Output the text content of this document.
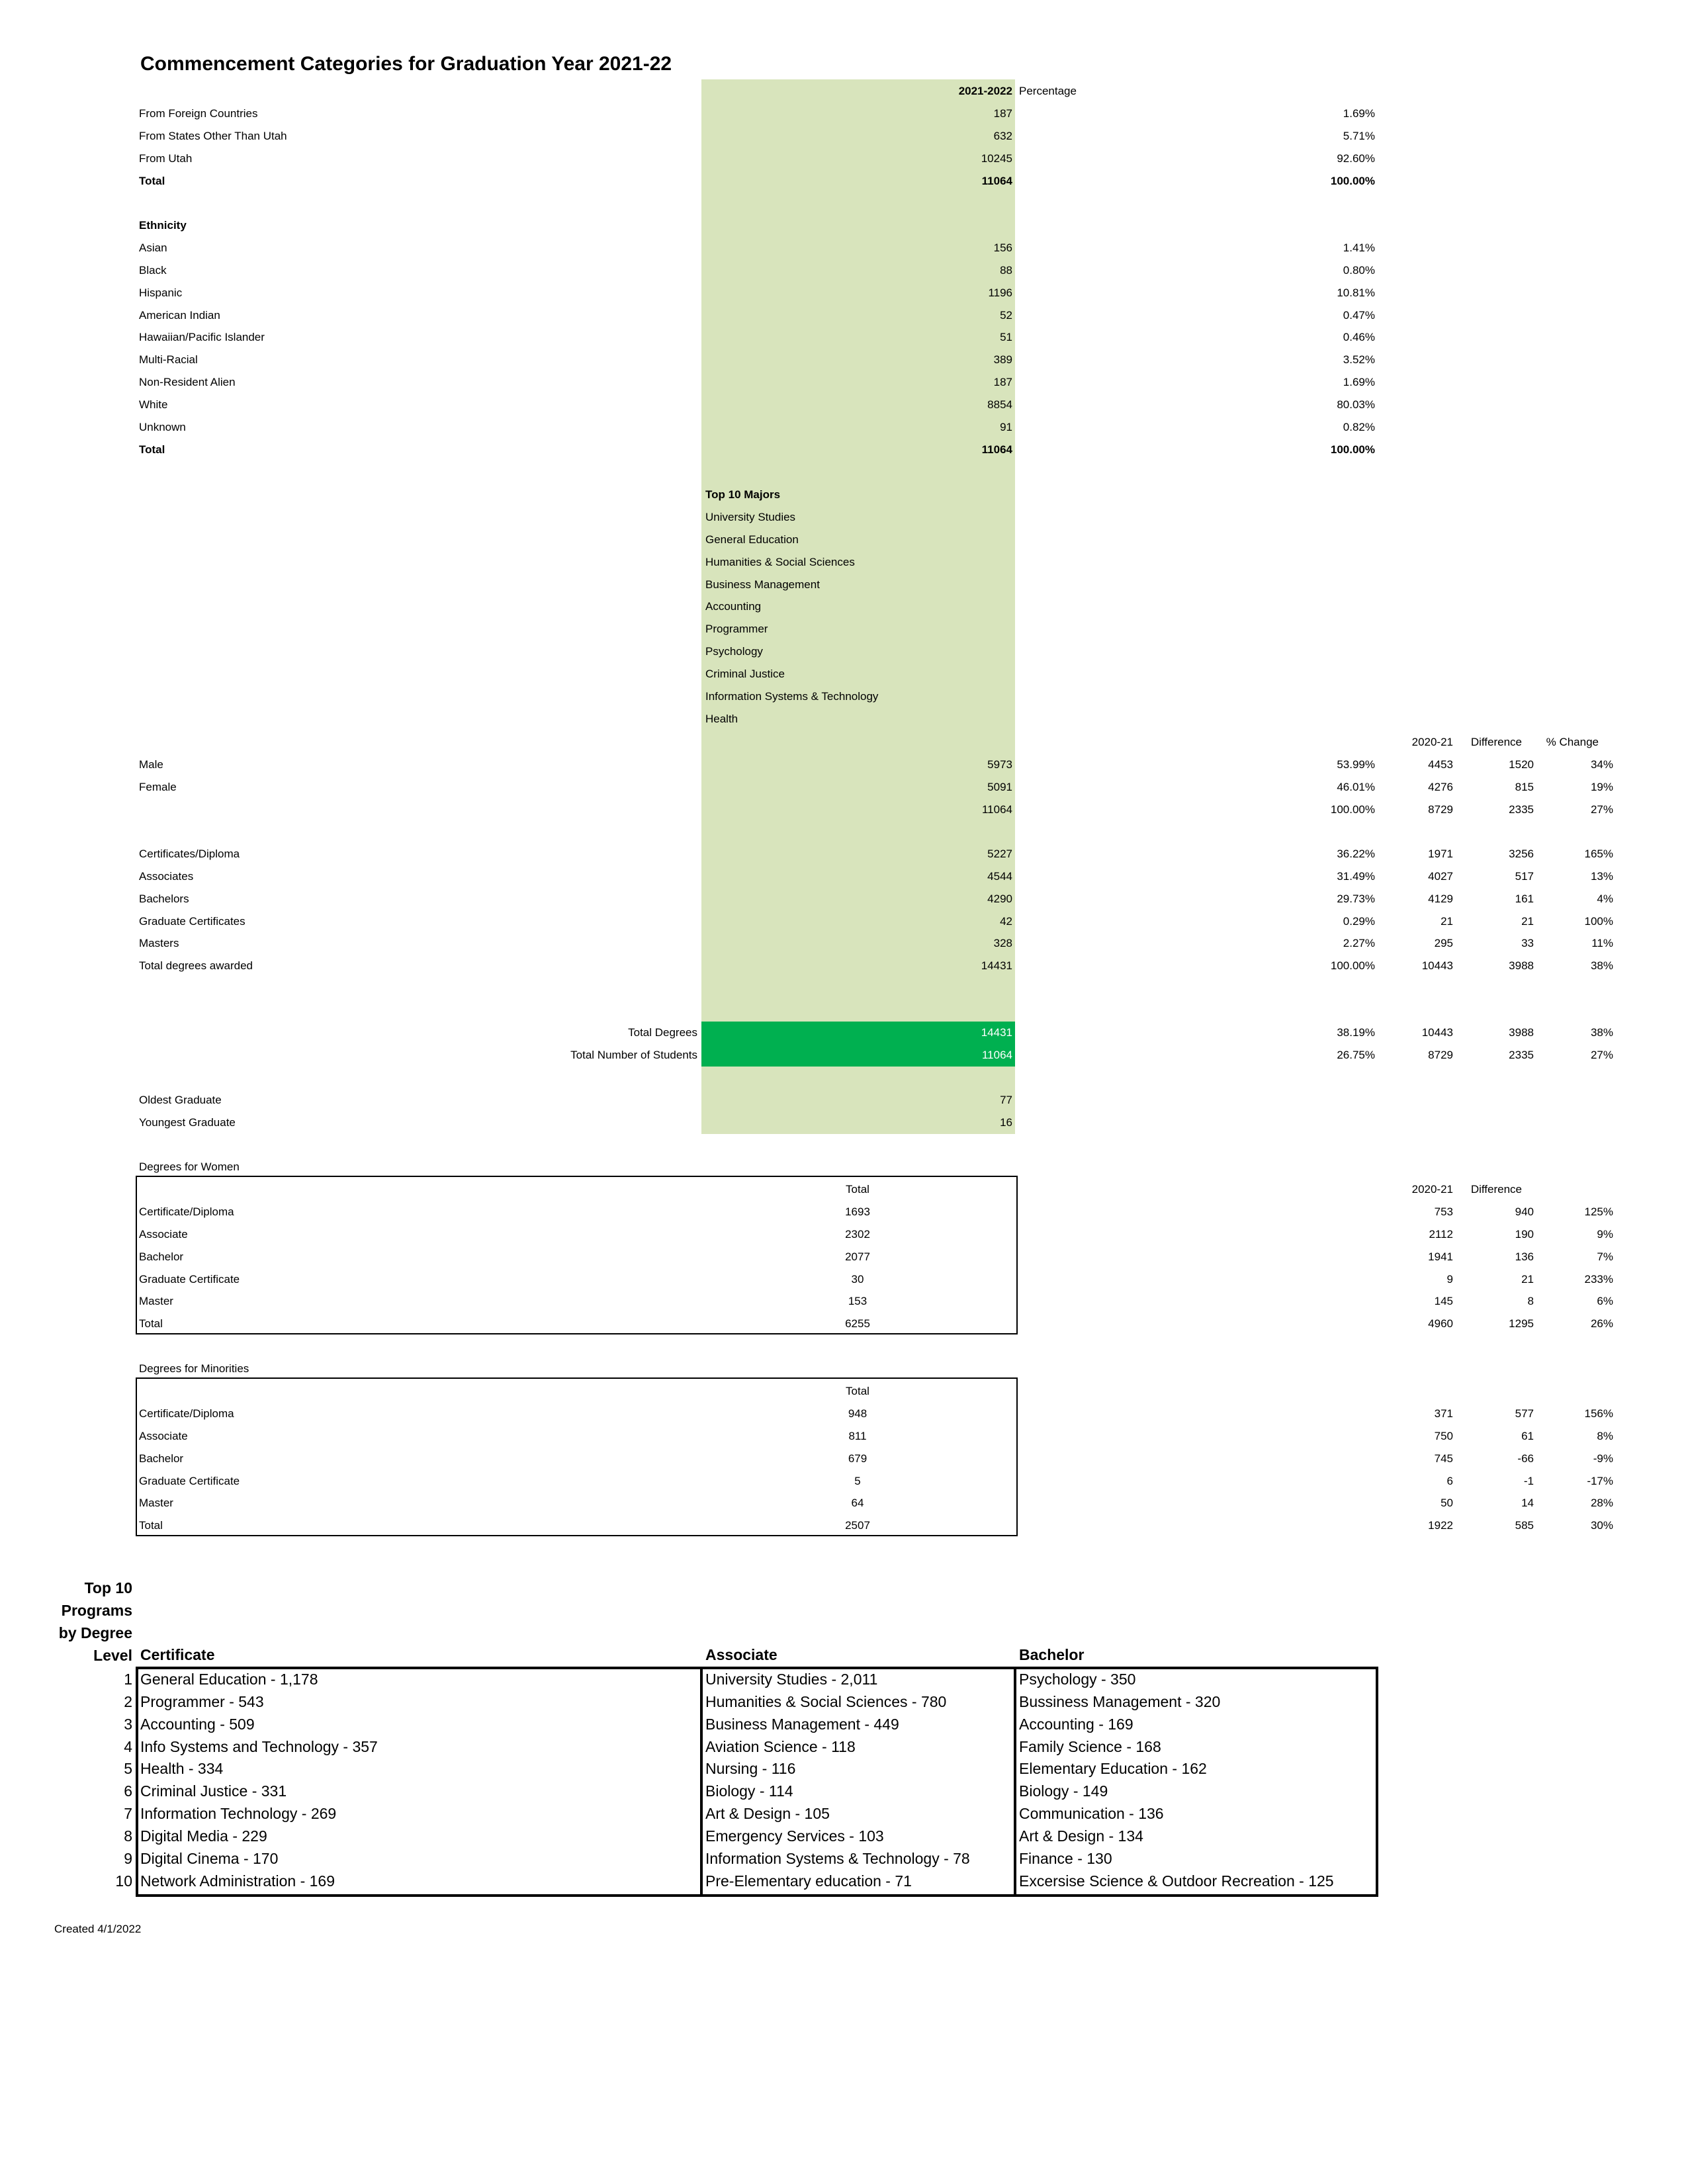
Commencement Categories for Graduation Year 2021-22
2021-2022 Percentage
From Foreign Countries	187	1.69%
From States Other Than Utah	632	5.71%
From Utah	10245	92.60%
Total	11064	100.00%
Ethnicity
Asian	156	1.41%
Black	88	0.80%
Hispanic	1196	10.81%
American Indian	52	0.47%
Hawaiian/Pacific Islander	51	0.46%
Multi-Racial	389	3.52%
Non-Resident Alien	187	1.69%
White	8854	80.03%
Unknown	91	0.82%
Total	11064	100.00%
Top 10 Majors
University Studies
General Education
Humanities & Social Sciences
Business Management
Accounting
Programmer
Psychology
Criminal Justice
Information Systems & Technology
Health
2020-21	Difference	% Change
Male	5973	53.99%	4453	1520	34%
Female	5091	46.01%	4276	815	19%
11064	100.00%	8729	2335	27%
Certificates/Diploma	5227	36.22%	1971	3256	165%
Associates	4544	31.49%	4027	517	13%
Bachelors	4290	29.73%	4129	161	4%
Graduate Certificates	42	0.29%	21	21	100%
Masters	328	2.27%	295	33	11%
Total degrees awarded	14431	100.00%	10443	3988	38%
Total Degrees	14431	38.19%	10443	3988	38%
Total Number of Students	11064	26.75%	8729	2335	27%
Oldest Graduate	77
Youngest Graduate	16
Degrees for Women
Total	2020-21	Difference
Certificate/Diploma	1693	753	940	125%
Associate	2302	2112	190	9%
Bachelor	2077	1941	136	7%
Graduate Certificate	30	9	21	233%
Master	153	145	8	6%
Total	6255	4960	1295	26%
Degrees for Minorities
Total
Certificate/Diploma	948	371	577	156%
Associate	811	750	61	8%
Bachelor	679	745	-66	-9%
Graduate Certificate	5	6	-1	-17%
Master	64	50	14	28%
Total	2507	1922	585	30%
Top 10
Programs
by Degree
Level Certificate	Associate	Bachelor
1 General Education - 1,178	University Studies - 2,011	Psychology - 350
2 Programmer - 543	Humanities & Social Sciences - 780	Bussiness Management - 320
3 Accounting - 509	Business Management - 449	Accounting - 169
4 Info Systems and Technology - 357	Aviation Science - 118	Family Science - 168
5 Health - 334	Nursing - 116	Elementary Education - 162
6 Criminal Justice - 331	Biology - 114	Biology - 149
7 Information Technology - 269	Art & Design - 105	Communication - 136
8 Digital Media - 229	Emergency Services - 103	Art & Design - 134
9 Digital Cinema - 170	Information Systems & Technology - 78	Finance - 130
10 Network Administration - 169	Pre-Elementary education - 71	Excersise Science & Outdoor Recreation - 125
Created 4/1/2022
